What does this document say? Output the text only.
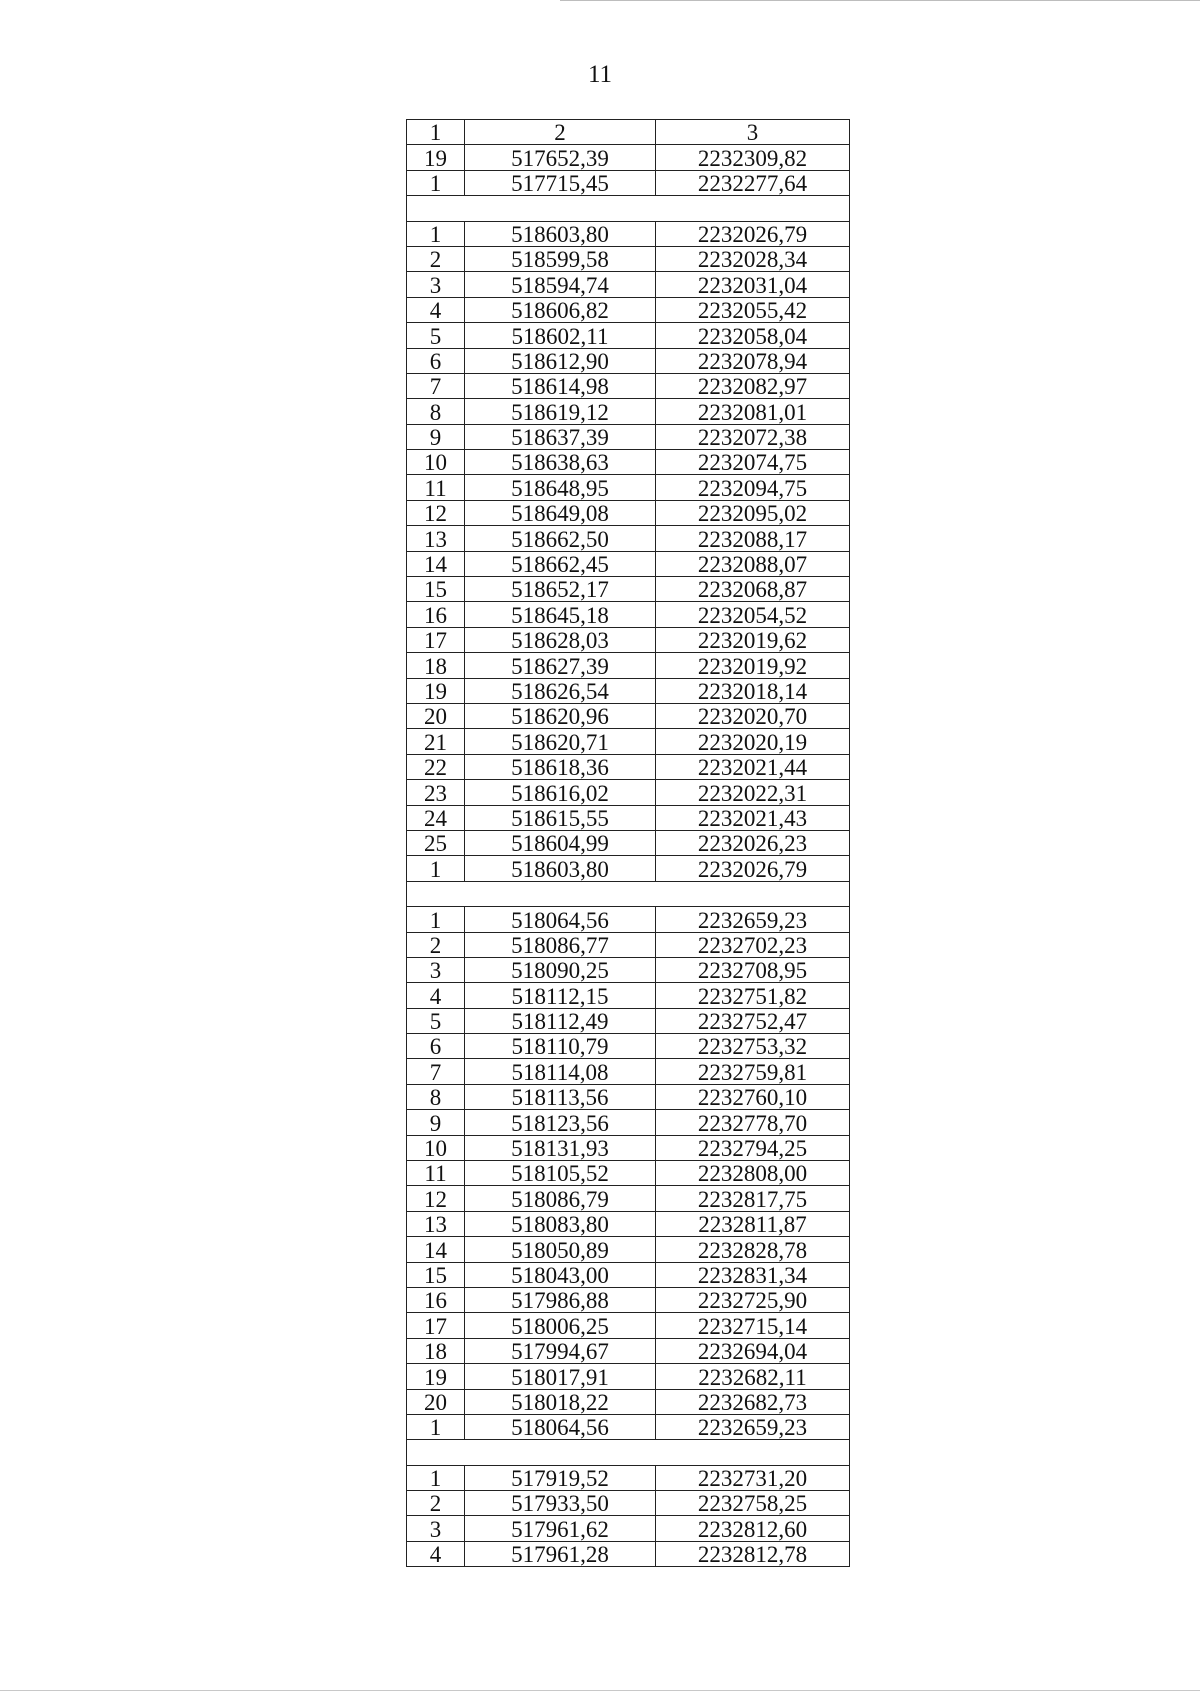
11
1	2	3
19	517652,39	2232309,82
1	517715,45	2232277,64

1	518603,80	2232026,79
2	518599,58	2232028,34
3	518594,74	2232031,04
4	518606,82	2232055,42
5	518602,11	2232058,04
6	518612,90	2232078,94
7	518614,98	2232082,97
8	518619,12	2232081,01
9	518637,39	2232072,38
10	518638,63	2232074,75
11	518648,95	2232094,75
12	518649,08	2232095,02
13	518662,50	2232088,17
14	518662,45	2232088,07
15	518652,17	2232068,87
16	518645,18	2232054,52
17	518628,03	2232019,62
18	518627,39	2232019,92
19	518626,54	2232018,14
20	518620,96	2232020,70
21	518620,71	2232020,19
22	518618,36	2232021,44
23	518616,02	2232022,31
24	518615,55	2232021,43
25	518604,99	2232026,23
1	518603,80	2232026,79

1	518064,56	2232659,23
2	518086,77	2232702,23
3	518090,25	2232708,95
4	518112,15	2232751,82
5	518112,49	2232752,47
6	518110,79	2232753,32
7	518114,08	2232759,81
8	518113,56	2232760,10
9	518123,56	2232778,70
10	518131,93	2232794,25
11	518105,52	2232808,00
12	518086,79	2232817,75
13	518083,80	2232811,87
14	518050,89	2232828,78
15	518043,00	2232831,34
16	517986,88	2232725,90
17	518006,25	2232715,14
18	517994,67	2232694,04
19	518017,91	2232682,11
20	518018,22	2232682,73
1	518064,56	2232659,23

1	517919,52	2232731,20
2	517933,50	2232758,25
3	517961,62	2232812,60
4	517961,28	2232812,78
